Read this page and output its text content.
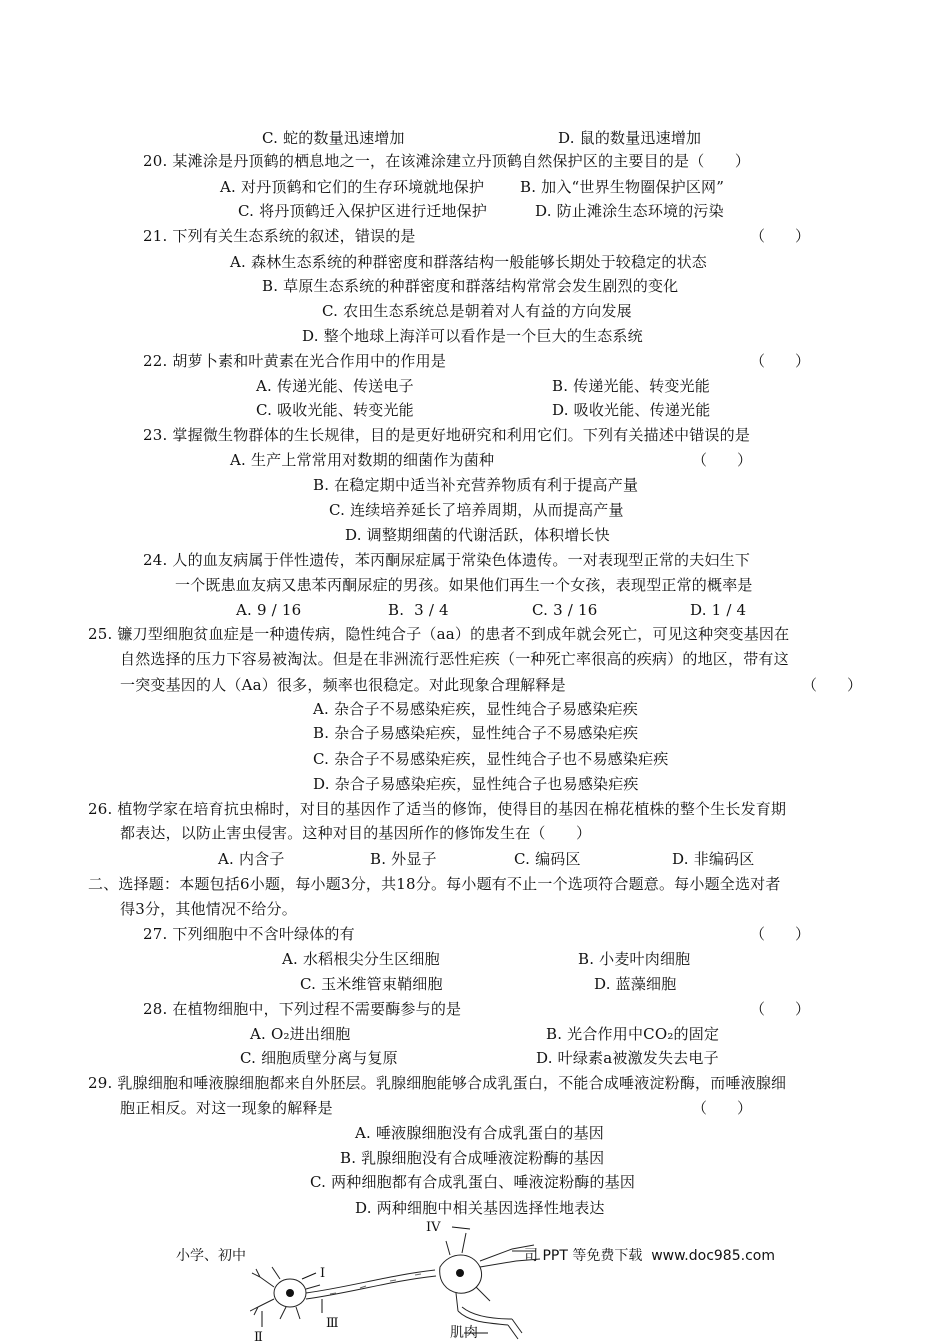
C. 蛇的数量迅速增加	D. 鼠的数量迅速增加
20. 某滩涂是丹顶鹤的栖息地之一，在该滩涂建立丹顶鹤自然保护区的主要目的是（　　）
A. 对丹顶鹤和它们的生存环境就地保护 B. 加入“世界生物圈保护区网”
C. 将丹顶鹤迁入保护区进行迁地保护	D. 防止滩涂生态环境的污染
21. 下列有关生态系统的叙述，错误的是	（　　）
A. 森林生态系统的种群密度和群落结构一般能够长期处于较稳定的状态
B. 草原生态系统的种群密度和群落结构常常会发生剧烈的变化
C. 农田生态系统总是朝着对人有益的方向发展
D. 整个地球上海洋可以看作是一个巨大的生态系统
22. 胡萝卜素和叶黄素在光合作用中的作用是	（　　）
A. 传递光能、传送电子	B. 传递光能、转变光能
C. 吸收光能、转变光能	D. 吸收光能、传递光能
23. 掌握微生物群体的生长规律，目的是更好地研究和利用它们。下列有关描述中错误的是
A. 生产上常常用对数期的细菌作为菌种	（　　）
B. 在稳定期中适当补充营养物质有利于提高产量
C. 连续培养延长了培养周期，从而提高产量
D. 调整期细菌的代谢活跃，体积增长快
24. 人的血友病属于伴性遗传，苯丙酮尿症属于常染色体遗传。一对表现型正常的夫妇生下
一个既患血友病又患苯丙酮尿症的男孩。如果他们再生一个女孩，表现型正常的概率是
A. 9 / 16	B.  3 / 4	C. 3 / 16	D. 1 / 4
25. 镰刀型细胞贫血症是一种遗传病，隐性纯合子（aa）的患者不到成年就会死亡，可见这种突变基因在
自然选择的压力下容易被淘汰。但是在非洲流行恶性疟疾（一种死亡率很高的疾病）的地区，带有这
一突变基因的人（Aa）很多，频率也很稳定。对此现象合理解释是	（　　）
A. 杂合子不易感染疟疾，显性纯合子易感染疟疾
B. 杂合子易感染疟疾，显性纯合子不易感染疟疾
C. 杂合子不易感染疟疾，显性纯合子也不易感染疟疾
D. 杂合子易感染疟疾，显性纯合子也易感染疟疾
26. 植物学家在培育抗虫棉时，对目的基因作了适当的修饰，使得目的基因在棉花植株的整个生长发育期
都表达，以防止害虫侵害。这种对目的基因所作的修饰发生在（　　）
A. 内含子	B. 外显子	C. 编码区	D. 非编码区
二、选择题：本题包括6小题，每小题3分，共18分。每小题有不止一个选项符合题意。每小题全选对者
得3分，其他情况不给分。
27. 下列细胞中不含叶绿体的有	（　　）
A. 水稻根尖分生区细胞	B. 小麦叶肉细胞
C. 玉米维管束鞘细胞	D. 蓝藻细胞
28. 在植物细胞中，下列过程不需要酶参与的是	（　　）
A. O₂进出细胞	B. 光合作用中CO₂的固定
C. 细胞质壁分离与复原	D. 叶绿素a被激发失去电子
29. 乳腺细胞和唾液腺细胞都来自外胚层。乳腺细胞能够合成乳蛋白，不能合成唾液淀粉酶，而唾液腺细
胞正相反。对这一现象的解释是	（　　）
A. 唾液腺细胞没有合成乳蛋白的基因
B. 乳腺细胞没有合成唾液淀粉酶的基因
C. 两种细胞都有合成乳蛋白、唾液淀粉酶的基因
D. 两种细胞中相关基因选择性地表达
I
Ⅱ
Ⅲ
IV
肌肉
小学、初中	司 PPT 等免费下载  www.doc985.com
